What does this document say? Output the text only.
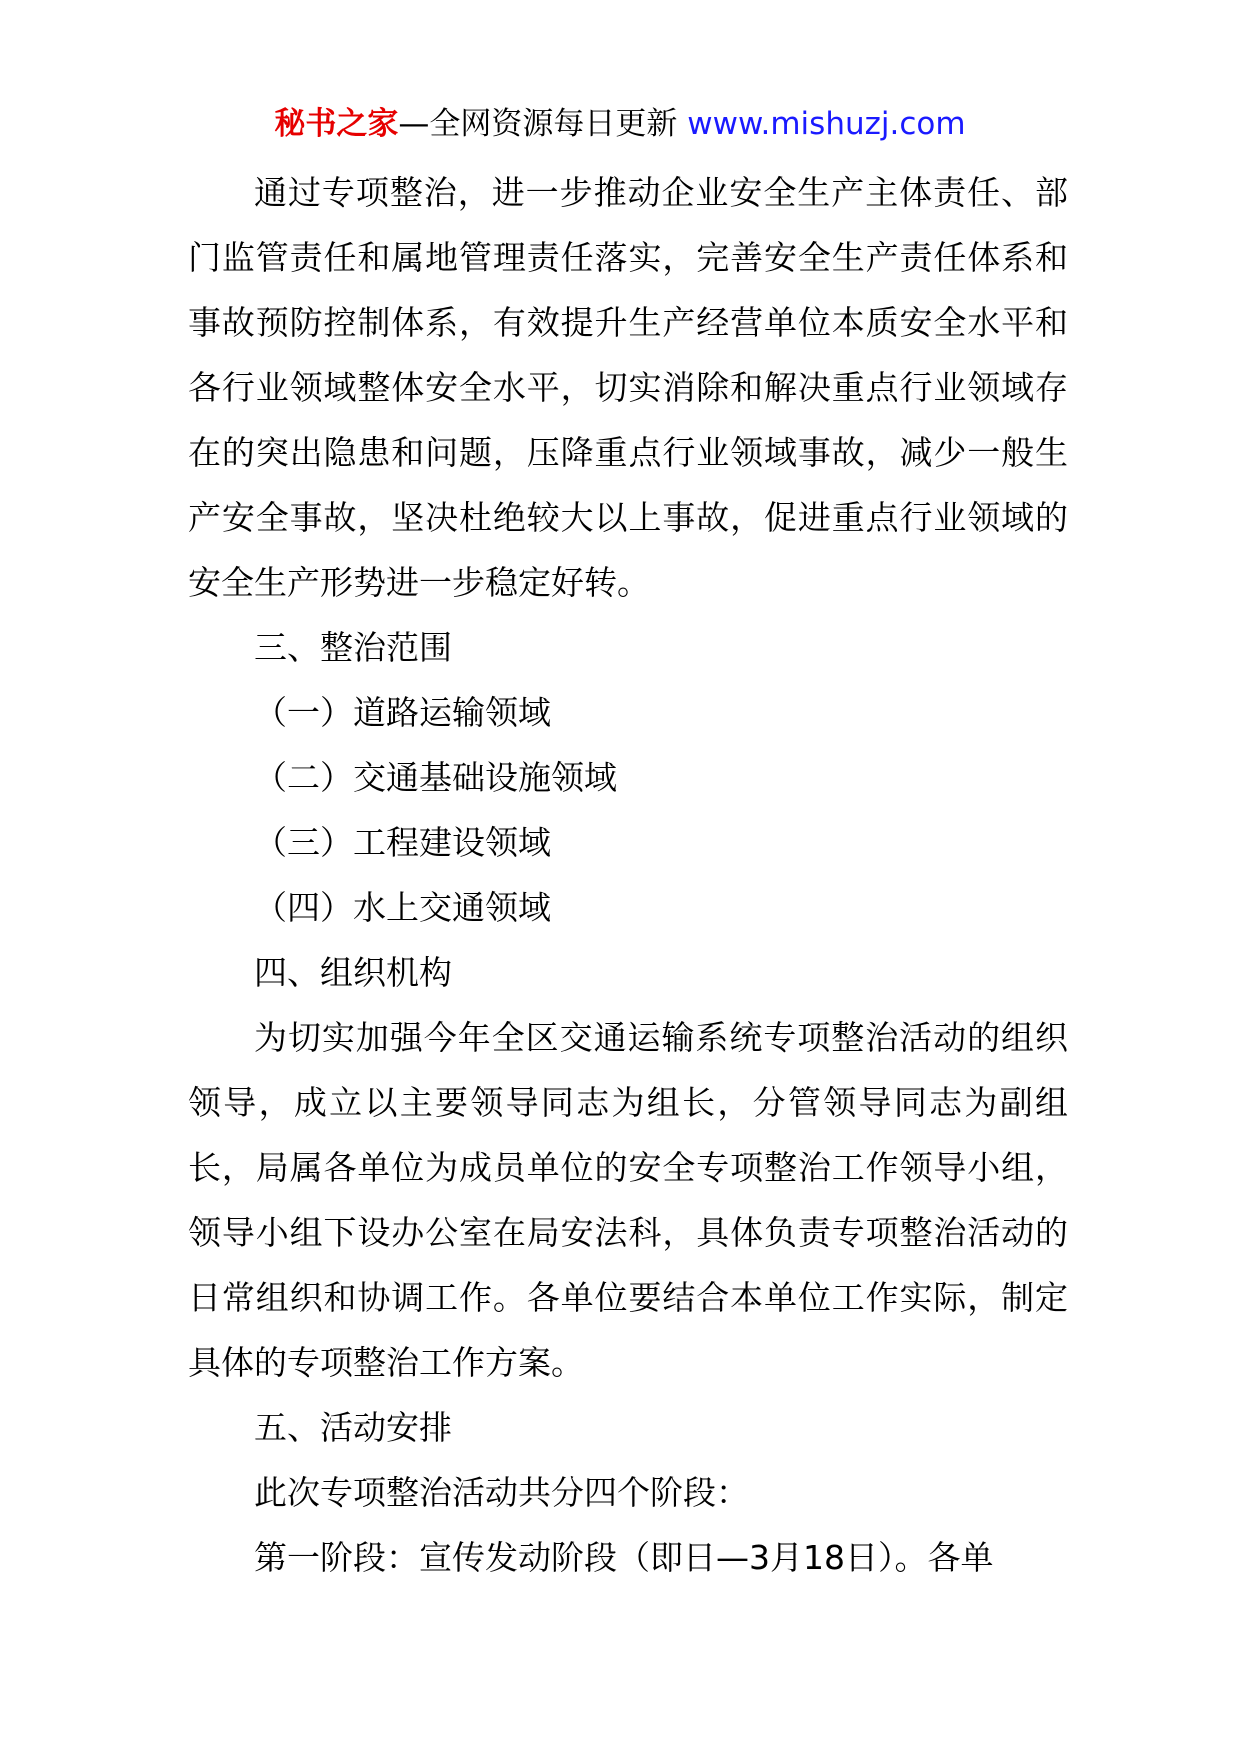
秘书之家—全网资源每日更新 www.mishuzj.com

通过专项整治，进一步推动企业安全生产主体责任、部门监管责任和属地管理责任落实，完善安全生产责任体系和事故预防控制体系，有效提升生产经营单位本质安全水平和各行业领域整体安全水平，切实消除和解决重点行业领域存在的突出隐患和问题，压降重点行业领域事故，减少一般生产安全事故，坚决杜绝较大以上事故，促进重点行业领域的安全生产形势进一步稳定好转。

三、整治范围

（一）道路运输领域

（二）交通基础设施领域

（三）工程建设领域

（四）水上交通领域

四、组织机构

为切实加强今年全区交通运输系统专项整治活动的组织领导，成立以主要领导同志为组长，分管领导同志为副组长，局属各单位为成员单位的安全专项整治工作领导小组，领导小组下设办公室在局安法科，具体负责专项整治活动的日常组织和协调工作。各单位要结合本单位工作实际，制定具体的专项整治工作方案。

五、活动安排

此次专项整治活动共分四个阶段：

第一阶段：宣传发动阶段（即日—3月18日）。各单
